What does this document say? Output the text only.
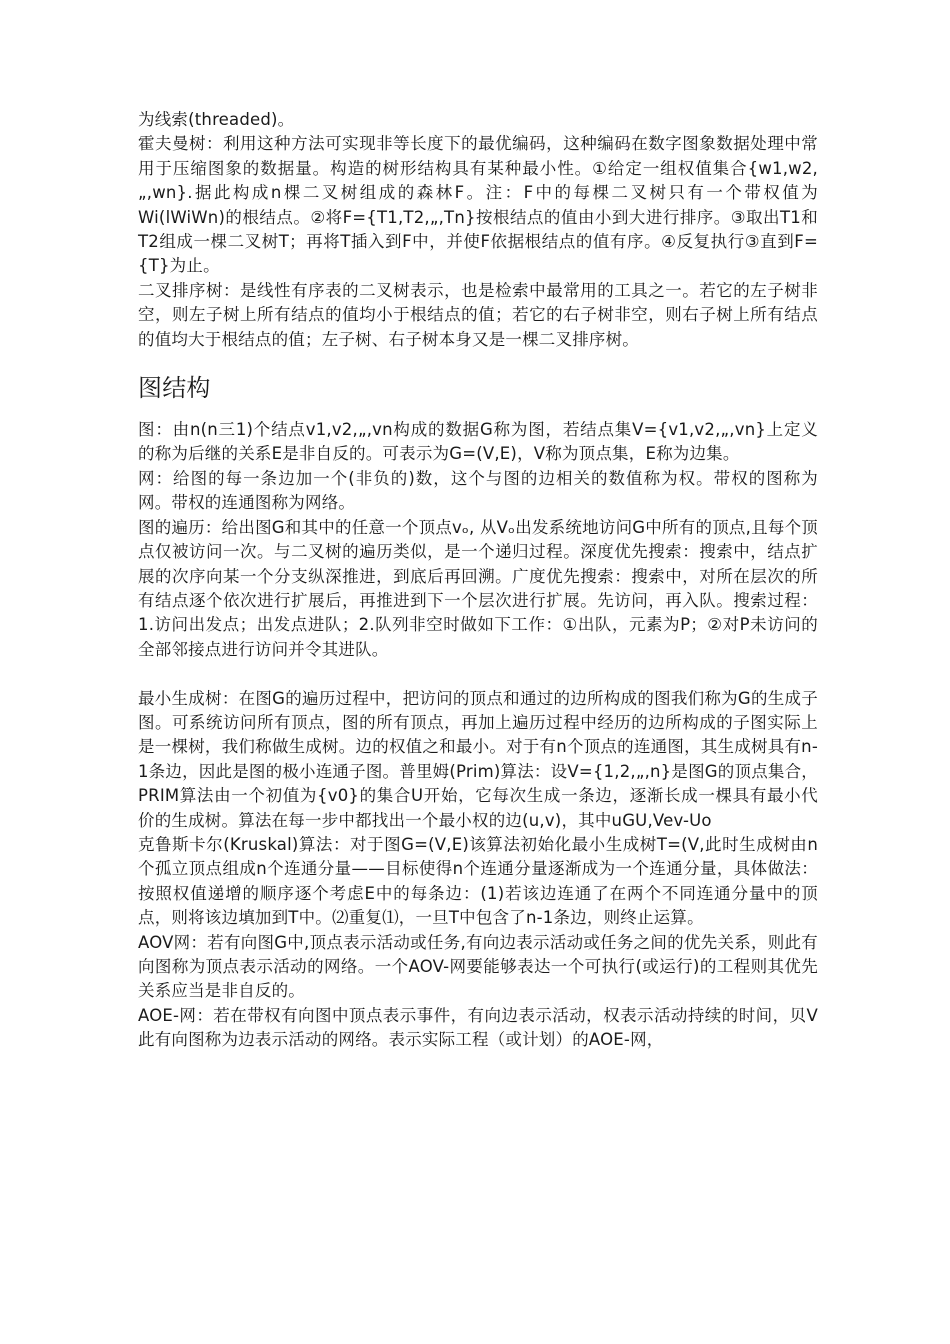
为线索(threaded)。

霍夫曼树：利用这种方法可实现非等长度下的最优编码，这种编码在数字图象数据处理中常用于压缩图象的数据量。构造的树形结构具有某种最小性。①给定一组权值集合{w1,w2,„,wn}.据此构成n棵二叉树组成的森林F。注：F中的每棵二叉树只有一个带权值为Wi(lWiWn)的根结点。②将F={T1,T2,„,Tn}按根结点的值由小到大进行排序。③取出T1和T2组成一棵二叉树T；再将T插入到F中，并使F依据根结点的值有序。④反复执行③直到F={T}为止。

二叉排序树：是线性有序表的二叉树表示，也是检索中最常用的工具之一。若它的左子树非空，则左子树上所有结点的值均小于根结点的值；若它的右子树非空，则右子树上所有结点的值均大于根结点的值；左子树、右子树本身又是一棵二叉排序树。

图结构

图：由n(n三1)个结点v1,v2,„,vn构成的数据G称为图，若结点集V={v1,v2,„,vn}上定义的称为后继的关系E是非自反的。可表示为G=(V,E)，V称为顶点集，E称为边集。

网：给图的每一条边加一个(非负的)数，这个与图的边相关的数值称为权。带权的图称为网。带权的连通图称为网络。

图的遍历：给出图G和其中的任意一个顶点vₒ, 从Vₒ出发系统地访问G中所有的顶点,且每个顶点仅被访问一次。与二叉树的遍历类似，是一个递归过程。深度优先搜索：搜索中，结点扩展的次序向某一个分支纵深推进，到底后再回溯。广度优先搜索：搜索中，对所在层次的所有结点逐个依次进行扩展后，再推进到下一个层次进行扩展。先访问，再入队。搜索过程：1.访问出发点；出发点进队；2.队列非空时做如下工作：①出队，元素为P；②对P未访问的全部邻接点进行访问并令其进队。

最小生成树：在图G的遍历过程中，把访问的顶点和通过的边所构成的图我们称为G的生成子图。可系统访问所有顶点，图的所有顶点，再加上遍历过程中经历的边所构成的子图实际上是一棵树，我们称做生成树。边的权值之和最小。对于有n个顶点的连通图，其生成树具有n-1条边，因此是图的极小连通子图。普里姆(Prim)算法：设V={1,2,„,n}是图G的顶点集合，PRIM算法由一个初值为{v0}的集合U开始，它每次生成一条边，逐渐长成一棵具有最小代价的生成树。算法在每一步中都找出一个最小权的边(u,v)，其中uGU,Vev-Uo

克鲁斯卡尔(Kruskal)算法：对于图G=(V,E)该算法初始化最小生成树T=(V,此时生成树由n个孤立顶点组成n个连通分量——目标使得n个连通分量逐渐成为一个连通分量，具体做法：按照权值递增的顺序逐个考虑E中的每条边：(1)若该边连通了在两个不同连通分量中的顶点，则将该边填加到T中。⑵重复⑴，一旦T中包含了n-1条边，则终止运算。

AOV网：若有向图G中,顶点表示活动或任务,有向边表示活动或任务之间的优先关系，则此有向图称为顶点表示活动的网络。一个AOV-网要能够表达一个可执行(或运行)的工程则其优先关系应当是非自反的。

AOE-网：若在带权有向图中顶点表示事件，有向边表示活动，权表示活动持续的时间，贝V此有向图称为边表示活动的网络。表示实际工程（或计划）的AOE-网，
